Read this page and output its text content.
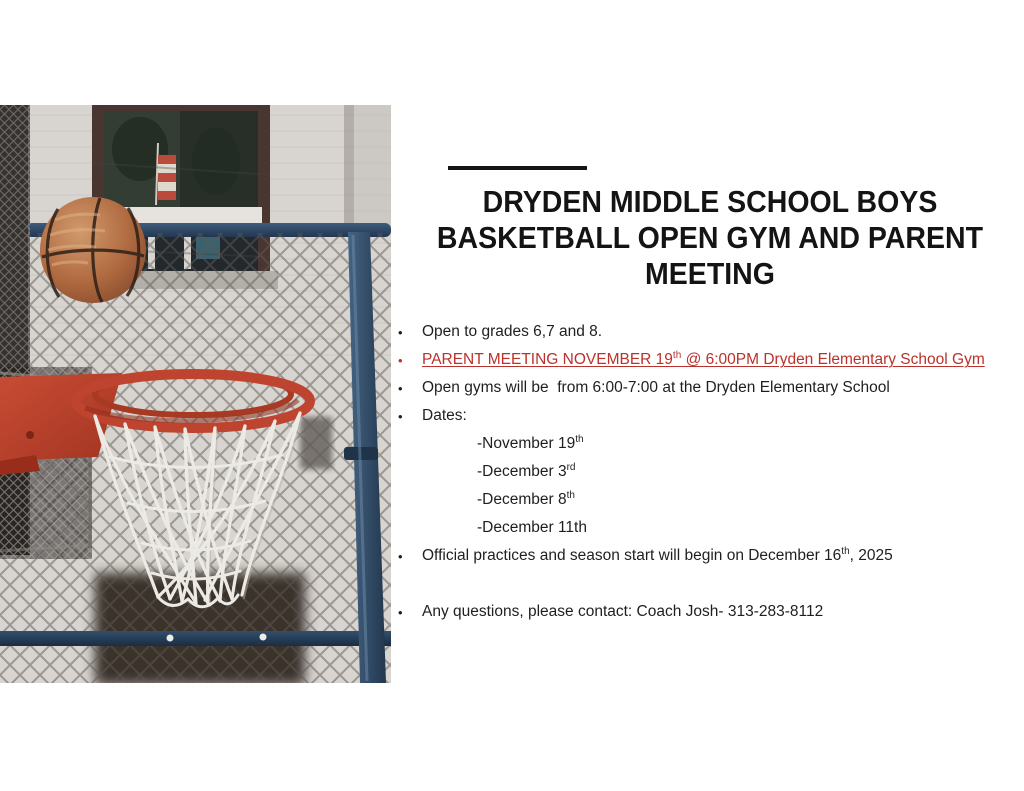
DRYDEN MIDDLE SCHOOL BOYS
BASKETBALL OPEN GYM AND PARENT
MEETING
• Open to grades 6,7 and 8.
• PARENT MEETING NOVEMBER 19th @ 6:00PM Dryden Elementary School Gym
• Open gyms will be  from 6:00-7:00 at the Dryden Elementary School
• Dates:
-November 19th
-December 3rd
-December 8th
-December 11th
• Official practices and season start will begin on December 16th, 2025
• Any questions, please contact: Coach Josh- 313-283-8112
